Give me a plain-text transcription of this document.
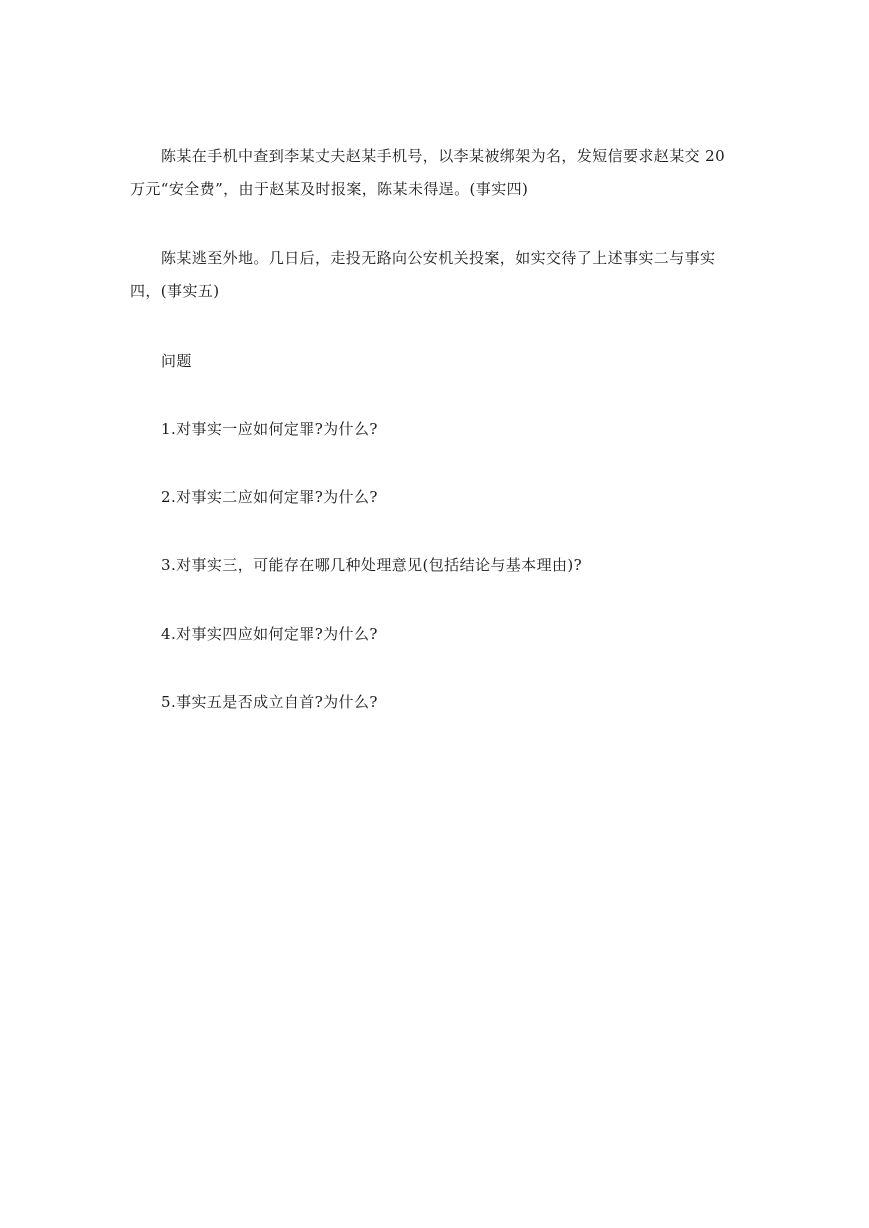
陈某在手机中查到李某丈夫赵某手机号，以李某被绑架为名，发短信要求赵某交 20 万元“安全费”，由于赵某及时报案，陈某未得逞。(事实四)

陈某逃至外地。几日后，走投无路向公安机关投案，如实交待了上述事实二与事实四，(事实五)

问题

1.对事实一应如何定罪?为什么?

2.对事实二应如何定罪?为什么?

3.对事实三，可能存在哪几种处理意见(包括结论与基本理由)?

4.对事实四应如何定罪?为什么?

5.事实五是否成立自首?为什么?
